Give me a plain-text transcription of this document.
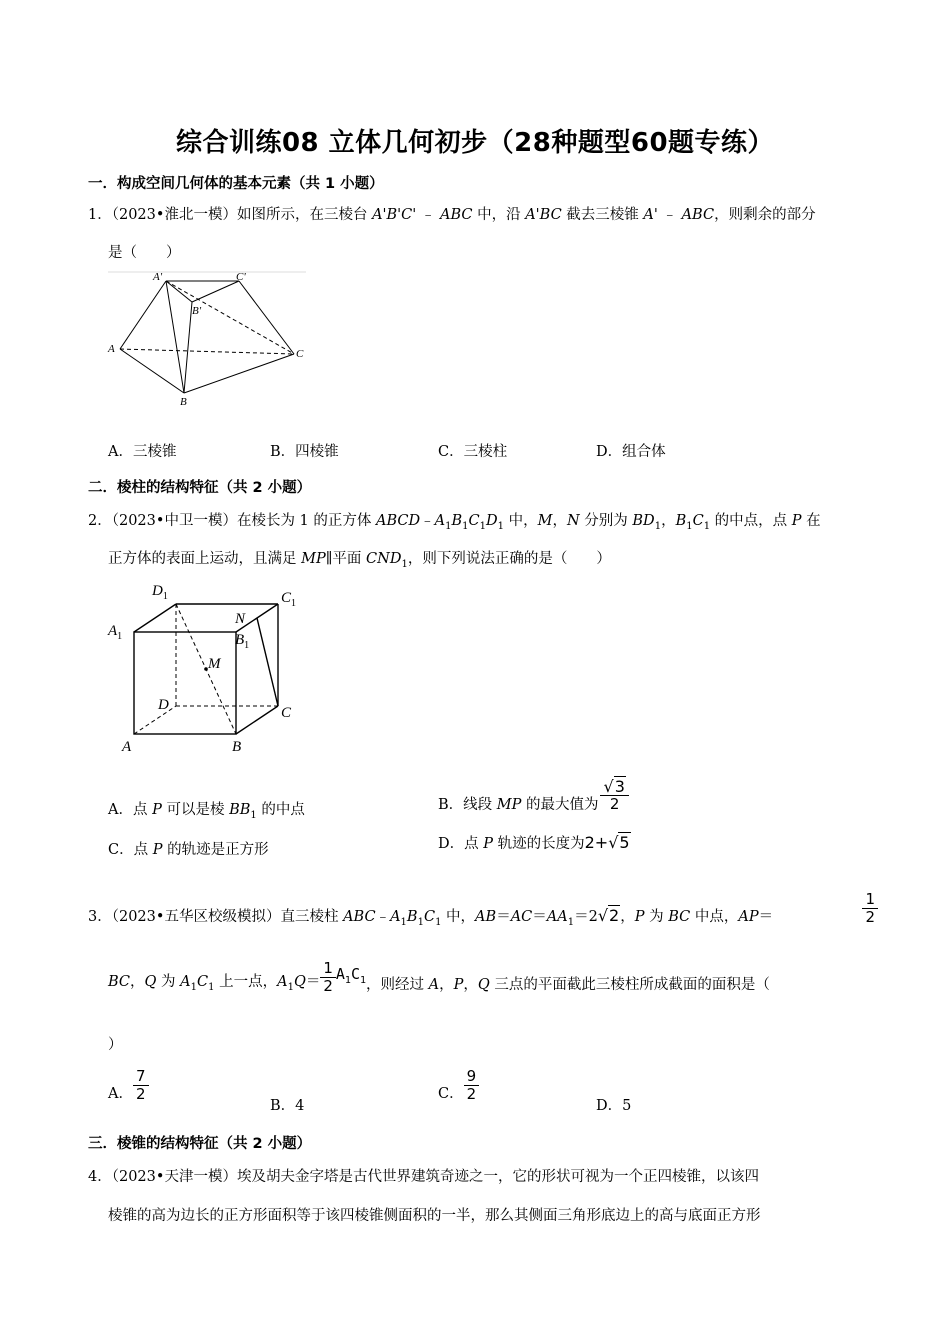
综合训练08 立体几何初步（28种题型60题专练）
一．构成空间几何体的基本元素（共 1 小题）
1．（2023•淮北一模）如图所示，在三棱台 A'B'C' ﹣ ABC 中，沿 A'BC 截去三棱锥 A' ﹣ ABC，则剩余的部分
是（　　）
A'	C'
B'
A	C
B
A．三棱锥	B．四棱锥	C．三棱柱	D．组合体
二．棱柱的结构特征（共 2 小题）
2．（2023•中卫一模）在棱长为 1 的正方体 $ABCD﹣A_1B_1C_1D_1$ 中，M，N 分别为 $BD_1$，$B_1C_1$ 的中点，点 P 在
正方体的表面上运动，且满足 MP∥平面 $CND_1$，则下列说法正确的是（　　）
$D_1$	$C_1$
$A_1$
N
$B_1$
M
D	C
A	B
A．点 P 可以是棱 $BB_1$ 的中点	B．线段 MP 的最大值为 $\frac{√3}{2}$
C．点 P 的轨迹是正方形	D．点 P 轨迹的长度为2+√5
3．（2023•五华区校级模拟）直三棱柱 $ABC﹣A_1B_1C_1$ 中，$AB=AC=AA_1=2√2$，P 为 BC 中点，AP＝	$\frac{1}{2}$
BC，Q 为 $A_1C_1$ 上一点，$A_1Q= \frac{1}{2} A_1C_1$ ，则经过 A，P，Q 三点的平面截此三棱柱所成截面的面积是（
）
A． $\frac{7}{2}$
B．4
C． $\frac{9}{2}$
D．5
三．棱锥的结构特征（共 2 小题）
4．（2023•天津一模）埃及胡夫金字塔是古代世界建筑奇迹之一，它的形状可视为一个正四棱锥，以该四
棱锥的高为边长的正方形面积等于该四棱锥侧面积的一半，那么其侧面三角形底边上的高与底面正方形
